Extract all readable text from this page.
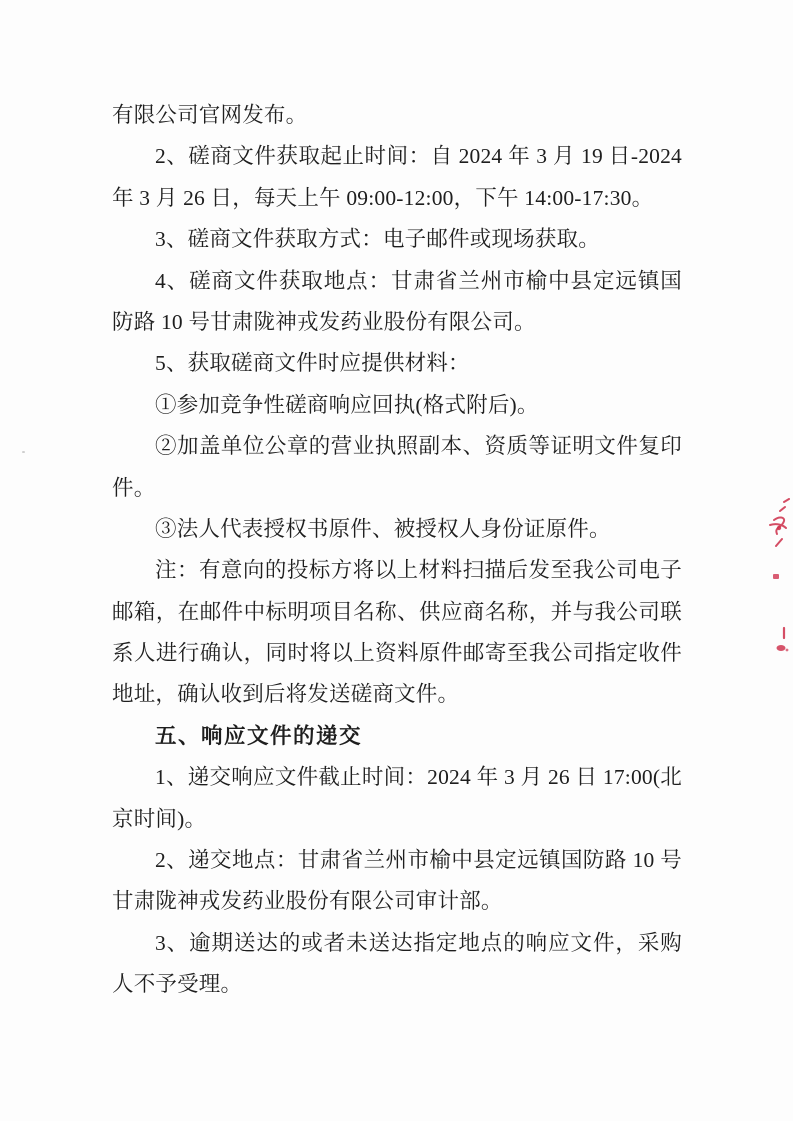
有限公司官网发布。
2、磋商文件获取起止时间：自 2024 年 3 月 19 日-2024
年 3 月 26 日，每天上午 09:00-12:00，下午 14:00-17:30。
3、磋商文件获取方式：电子邮件或现场获取。
4、磋商文件获取地点：甘肃省兰州市榆中县定远镇国
防路 10 号甘肃陇神戎发药业股份有限公司。
5、获取磋商文件时应提供材料：
①参加竞争性磋商响应回执(格式附后)。
②加盖单位公章的营业执照副本、资质等证明文件复印
件。
③法人代表授权书原件、被授权人身份证原件。
注：有意向的投标方将以上材料扫描后发至我公司电子
邮箱，在邮件中标明项目名称、供应商名称，并与我公司联
系人进行确认，同时将以上资料原件邮寄至我公司指定收件
地址，确认收到后将发送磋商文件。
五、响应文件的递交
1、递交响应文件截止时间：2024 年 3 月 26 日 17:00(北
京时间)。
2、递交地点：甘肃省兰州市榆中县定远镇国防路 10 号
甘肃陇神戎发药业股份有限公司审计部。
3、逾期送达的或者未送达指定地点的响应文件，采购
人不予受理。
